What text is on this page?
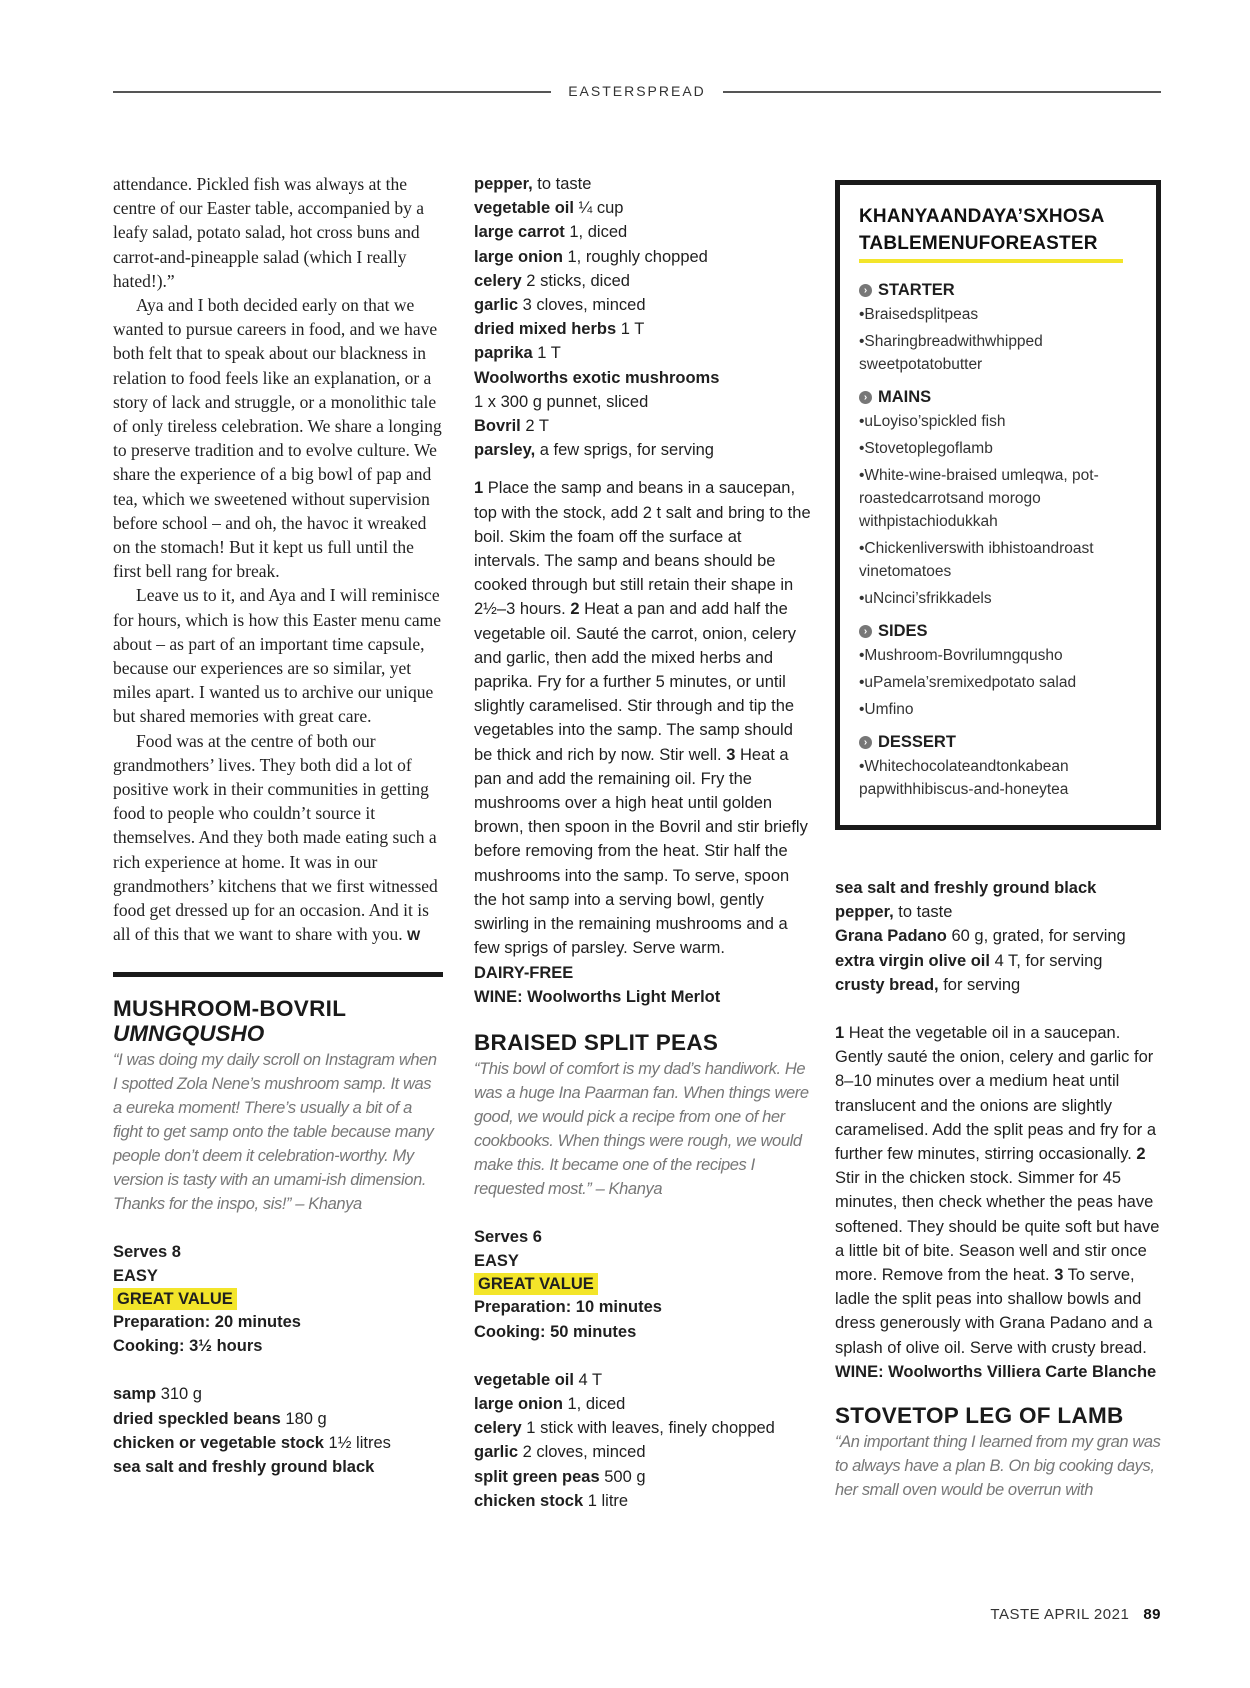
EASTERSPREAD

attendance. Pickled fish was always at the centre of our Easter table, accompanied by a leafy salad, potato salad, hot cross buns and carrot-and-pineapple salad (which I really hated!).”

Aya and I both decided early on that we wanted to pursue careers in food, and we have both felt that to speak about our blackness in relation to food feels like an explanation, or a story of lack and struggle, or a monolithic tale of only tireless celebration. We share a longing to preserve tradition and to evolve culture. We share the experience of a big bowl of pap and tea, which we sweetened without supervision before school – and oh, the havoc it wreaked on the stomach! But it kept us full until the first bell rang for break.

Leave us to it, and Aya and I will reminisce for hours, which is how this Easter menu came about – as part of an important time capsule, because our experiences are so similar, yet miles apart. I wanted us to archive our unique but shared memories with great care.

Food was at the centre of both our grandmothers’ lives. They both did a lot of positive work in their communities in getting food to people who couldn’t source it themselves. And they both made eating such a rich experience at home. It was in our grandmothers’ kitchens that we first witnessed food get dressed up for an occasion. And it is all of this that we want to share with you. W

MUSHROOM-BOVRIL

UMNGQUSHO

“I was doing my daily scroll on Instagram when I spotted Zola Nene’s mushroom samp. It was a eureka moment! There’s usually a bit of a fight to get samp onto the table because many people don’t deem it celebration-worthy. My version is tasty with an umami-ish dimension. Thanks for the inspo, sis!” – Khanya

Serves 8
EASY
GREAT VALUE
Preparation: 20 minutes
Cooking: 3½ hours
samp 310 g
dried speckled beans 180 g
chicken or vegetable stock 1½ litres
sea salt and freshly ground black
pepper, to taste
vegetable oil ¼ cup
large carrot 1, diced
large onion 1, roughly chopped
celery 2 sticks, diced
garlic 3 cloves, minced
dried mixed herbs 1 T
paprika 1 T
Woolworths exotic mushrooms
1 x 300 g punnet, sliced
Bovril 2 T
parsley, a few sprigs, for serving

1 Place the samp and beans in a saucepan, top with the stock, add 2 t salt and bring to the boil. Skim the foam off the surface at intervals. The samp and beans should be cooked through but still retain their shape in 2½–3 hours. 2 Heat a pan and add half the vegetable oil. Sauté the carrot, onion, celery and garlic, then add the mixed herbs and paprika. Fry for a further 5 minutes, or until slightly caramelised. Stir through and tip the vegetables into the samp. The samp should be thick and rich by now. Stir well. 3 Heat a pan and add the remaining oil. Fry the mushrooms over a high heat until golden brown, then spoon in the Bovril and stir briefly before removing from the heat. Stir half the mushrooms into the samp. To serve, spoon the hot samp into a serving bowl, gently swirling in the remaining mushrooms and a few sprigs of parsley. Serve warm.

DAIRY-FREE
WINE: Woolworths Light Merlot

BRAISED SPLIT PEAS

“This bowl of comfort is my dad’s handiwork. He was a huge Ina Paarman fan. When things were good, we would pick a recipe from one of her cookbooks. When things were rough, we would make this. It became one of the recipes I requested most.” – Khanya

Serves 6
EASY
GREAT VALUE
Preparation: 10 minutes
Cooking: 50 minutes
vegetable oil 4 T
large onion 1, diced
celery 1 stick with leaves, finely chopped
garlic 2 cloves, minced
split green peas 500 g
chicken stock 1 litre

KHANYAANDAYA’SXHOSA

TABLEMENUFOREASTER

› STARTER
•Braisedsplitpeas
•Sharingbreadwithwhipped sweetpotatobutter
› MAINS
•uLoyiso’spickled fish
•Stovetoplegoflamb
•White-wine-braised umleqwa, pot-roastedcarrotsand morogo withpistachiodukkah
•Chickenliverswith ibhistoandroast vinetomatoes
•uNcinci’sfrikkadels
› SIDES
•Mushroom-Bovrilumngqusho
•uPamela’sremixedpotato salad
•Umfino
› DESSERT
•Whitechocolateandtonkabean papwithhibiscus-and-honeytea
sea salt and freshly ground black
pepper, to taste
Grana Padano 60 g, grated, for serving
extra virgin olive oil 4 T, for serving
crusty bread, for serving

1 Heat the vegetable oil in a saucepan. Gently sauté the onion, celery and garlic for 8–10 minutes over a medium heat until translucent and the onions are slightly caramelised. Add the split peas and fry for a further few minutes, stirring occasionally. 2 Stir in the chicken stock. Simmer for 45 minutes, then check whether the peas have softened. They should be quite soft but have a little bit of bite. Season well and stir once more. Remove from the heat. 3 To serve, ladle the split peas into shallow bowls and dress generously with Grana Padano and a splash of olive oil. Serve with crusty bread.

WINE: Woolworths Villiera Carte Blanche

STOVETOP LEG OF LAMB

“An important thing I learned from my gran was to always have a plan B. On big cooking days, her small oven would be overrun with

TASTE APRIL 2021 89
